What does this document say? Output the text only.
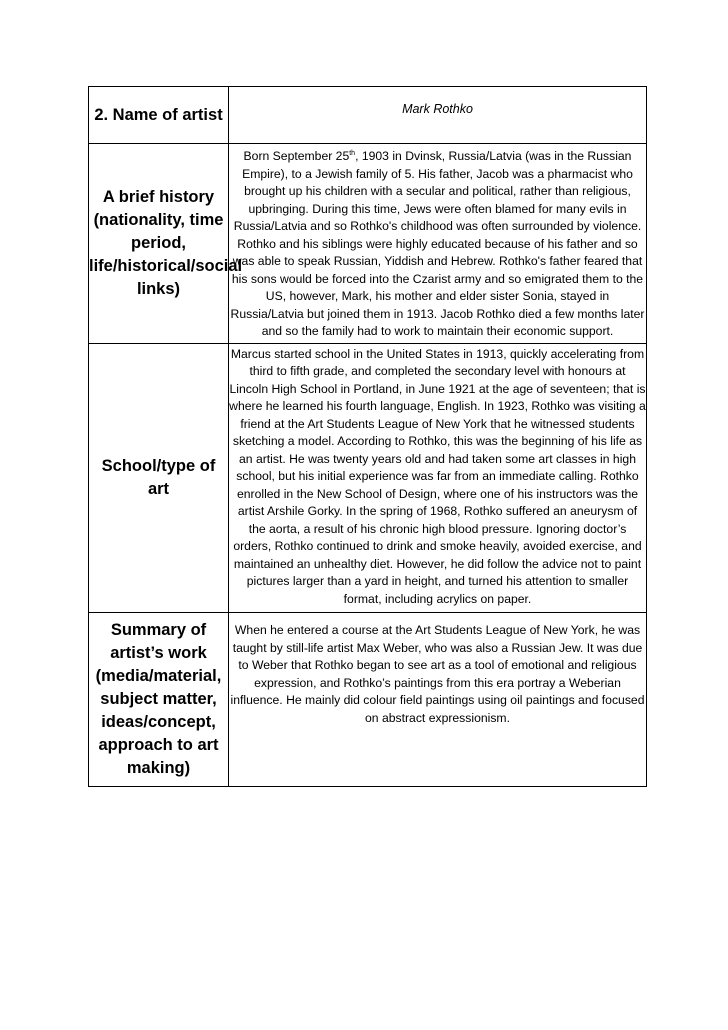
2. Name of artist	Mark Rothko
A brief history (nationality, time period, life/historical/social links)	Born September 25th, 1903 in Dvinsk, Russia/Latvia (was in the Russian Empire), to a Jewish family of 5. His father, Jacob was a pharmacist who brought up his children with a secular and political, rather than religious, upbringing. During this time, Jews were often blamed for many evils in Russia/Latvia and so Rothko's childhood was often surrounded by violence. Rothko and his siblings were highly educated because of his father and so was able to speak Russian, Yiddish and Hebrew. Rothko's father feared that his sons would be forced into the Czarist army and so emigrated them to the US, however, Mark, his mother and elder sister Sonia, stayed in Russia/Latvia but joined them in 1913. Jacob Rothko died a few months later and so the family had to work to maintain their economic support.
School/type of art	Marcus started school in the United States in 1913, quickly accelerating from third to fifth grade, and completed the secondary level with honours at Lincoln High School in Portland, in June 1921 at the age of seventeen; that is where he learned his fourth language, English. In 1923, Rothko was visiting a friend at the Art Students League of New York that he witnessed students sketching a model. According to Rothko, this was the beginning of his life as an artist. He was twenty years old and had taken some art classes in high school, but his initial experience was far from an immediate calling. Rothko enrolled in the New School of Design, where one of his instructors was the artist Arshile Gorky. In the spring of 1968, Rothko suffered an aneurysm of the aorta, a result of his chronic high blood pressure. Ignoring doctor’s orders, Rothko continued to drink and smoke heavily, avoided exercise, and maintained an unhealthy diet. However, he did follow the advice not to paint pictures larger than a yard in height, and turned his attention to smaller format, including acrylics on paper.
Summary of artist’s work (media/material, subject matter, ideas/concept, approach to art making)	When he entered a course at the Art Students League of New York, he was taught by still-life artist Max Weber, who was also a Russian Jew. It was due to Weber that Rothko began to see art as a tool of emotional and religious expression, and Rothko’s paintings from this era portray a Weberian influence. He mainly did colour field paintings using oil paintings and focused on abstract expressionism.
